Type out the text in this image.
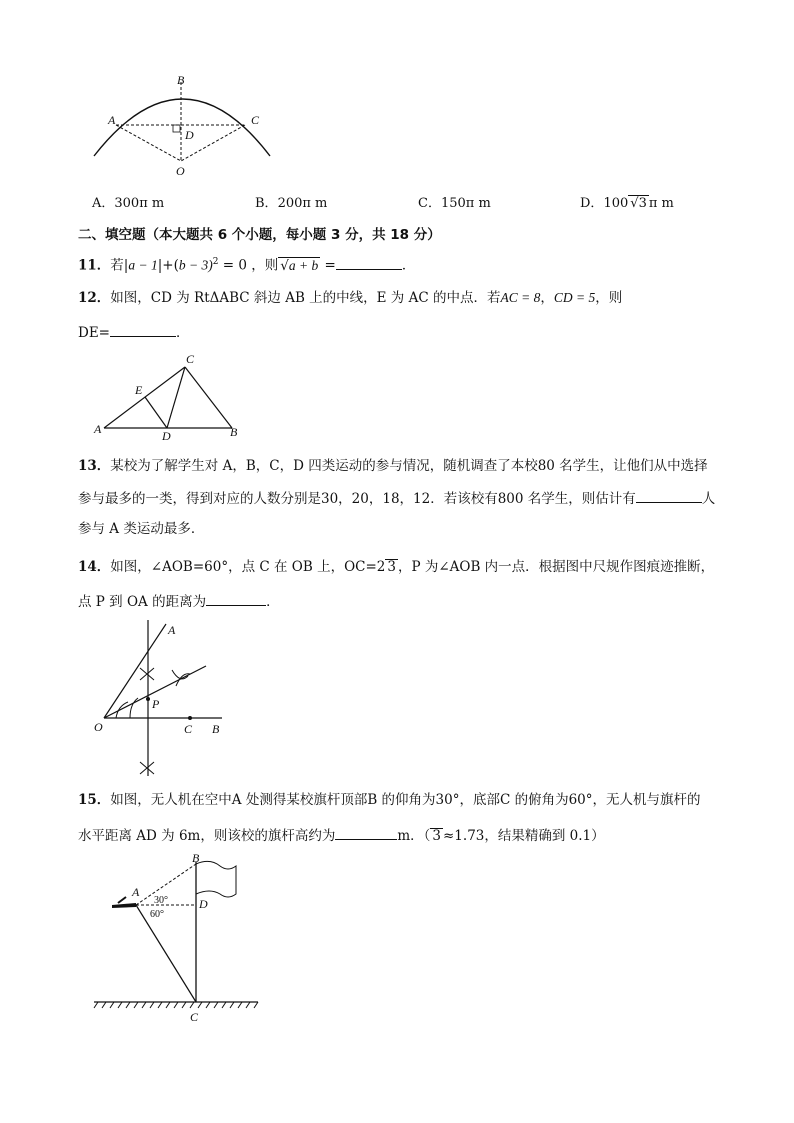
A
B
C
D
O
A．300π m	B．200π m	C．150π m	D．100 √3 π m
二、填空题（本大题共 6 个小题，每小题 3 分，共 18 分）
11．若$|a - 1|+(b - 3)^2 = 0$ ，则 √a + b =	．
12．如图，CD 为 RtΔABC 斜边 AB 上的中线，E 为 AC 的中点．若AC = 8，CD = 5，则
DE=	．
A	B
C
D
E
13．某校为了解学生对 A，B，C，D 四类运动的参与情况，随机调查了本校80 名学生，让他们从中选择
参与最多的一类，得到对应的人数分别是30，20，18，12．若该校有800 名学生，则估计有	人
参与 A 类运动最多．
14．如图，∠AOB=60°，点 C 在 OB 上，OC=2 3 ，P 为∠AOB 内一点．根据图中尺规作图痕迹推断，
点 P 到 OA 的距离为	．
A
B
C
O
P
15．如图，无人机在空中A 处测得某校旗杆顶部B 的仰角为30°，底部C 的俯角为60°，无人机与旗杆的
水平距离 AD 为 6m，则该校的旗杆高约为	m．（ 3 ≈1.73，结果精确到 0.1）
A
B
C
D
30°
60°
